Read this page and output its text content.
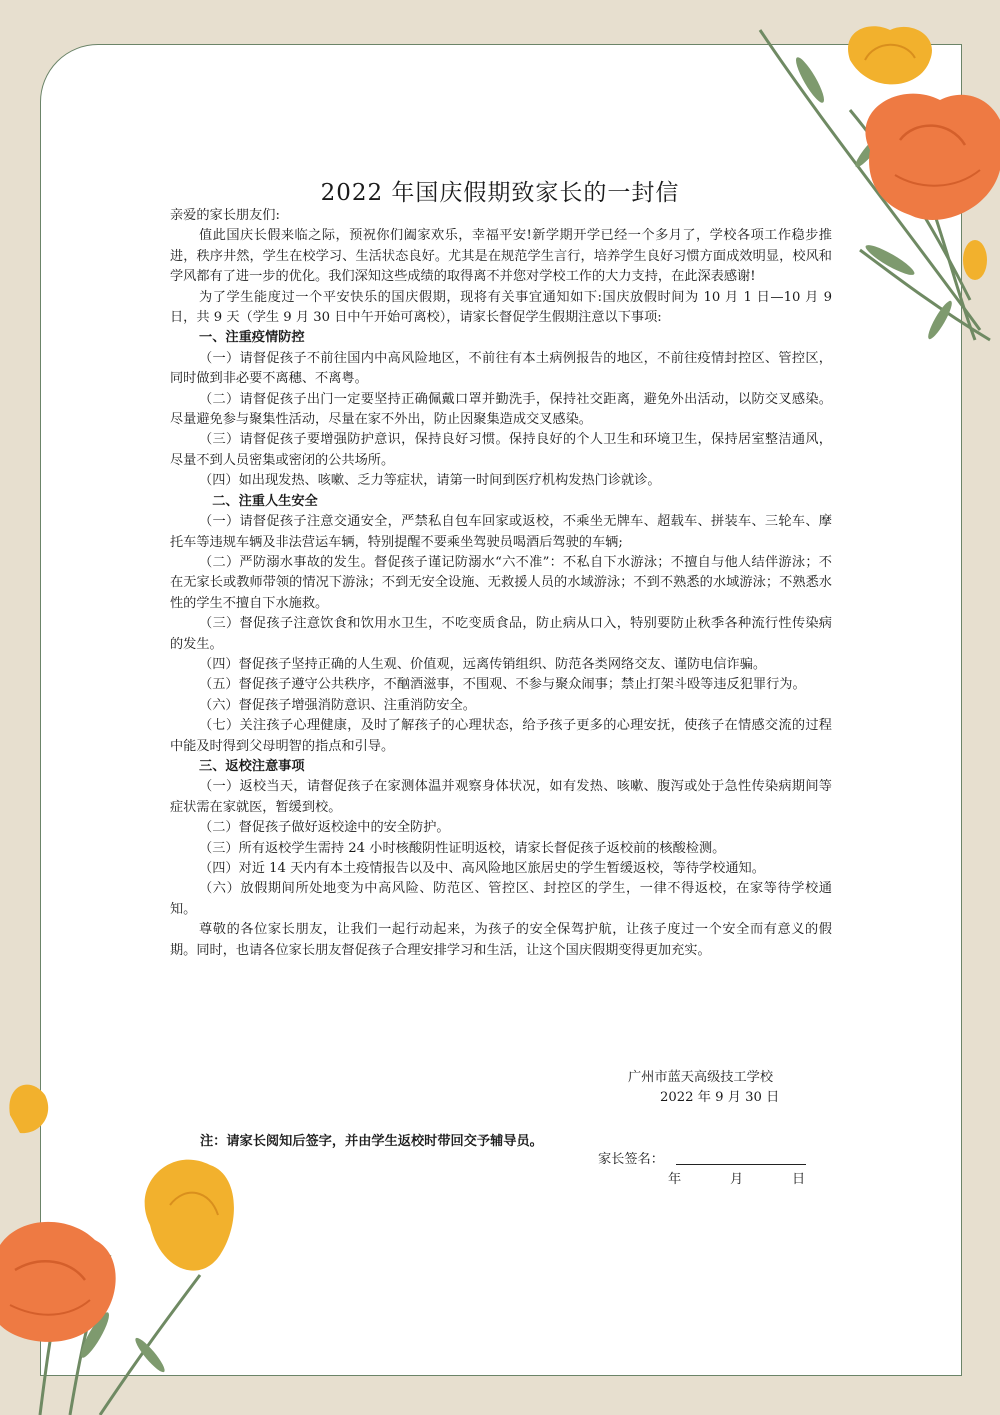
2022 年国庆假期致家长的一封信

亲爱的家长朋友们:

值此国庆长假来临之际，预祝你们阖家欢乐，幸福平安!新学期开学已经一个多月了，学校各项工作稳步推进，秩序井然，学生在校学习、生活状态良好。尤其是在规范学生言行，培养学生良好习惯方面成效明显，校风和学风都有了进一步的优化。我们深知这些成绩的取得离不并您对学校工作的大力支持，在此深表感谢!

为了学生能度过一个平安快乐的国庆假期，现将有关事宜通知如下:国庆放假时间为 10 月 1 日—10 月 9 日，共 9 天（学生 9 月 30 日中午开始可离校），请家长督促学生假期注意以下事项:

一、注重疫情防控

（一）请督促孩子不前往国内中高风险地区，不前往有本土病例报告的地区，不前往疫情封控区、管控区，同时做到非必要不离穗、不离粤。

（二）请督促孩子出门一定要坚持正确佩戴口罩并勤洗手，保持社交距离，避免外出活动，以防交叉感染。尽量避免参与聚集性活动，尽量在家不外出，防止因聚集造成交叉感染。

（三）请督促孩子要增强防护意识，保持良好习惯。保持良好的个人卫生和环境卫生，保持居室整洁通风，尽量不到人员密集或密闭的公共场所。

（四）如出现发热、咳嗽、乏力等症状，请第一时间到医疗机构发热门诊就诊。

二、注重人生安全

（一）请督促孩子注意交通安全，严禁私自包车回家或返校，不乘坐无牌车、超载车、拼装车、三轮车、摩托车等违规车辆及非法营运车辆，特别提醒不要乘坐驾驶员喝酒后驾驶的车辆;

（二）严防溺水事故的发生。督促孩子谨记防溺水“六不准”：不私自下水游泳；不擅自与他人结伴游泳；不在无家长或教师带领的情况下游泳；不到无安全设施、无救援人员的水域游泳；不到不熟悉的水域游泳；不熟悉水性的学生不擅自下水施救。

（三）督促孩子注意饮食和饮用水卫生，不吃变质食品，防止病从口入，特别要防止秋季各种流行性传染病的发生。

（四）督促孩子坚持正确的人生观、价值观，远离传销组织、防范各类网络交友、谨防电信诈骗。

（五）督促孩子遵守公共秩序，不酗酒滋事，不围观、不参与聚众闹事；禁止打架斗殴等违反犯罪行为。

（六）督促孩子增强消防意识、注重消防安全。

（七）关注孩子心理健康，及时了解孩子的心理状态，给予孩子更多的心理安抚，使孩子在情感交流的过程中能及时得到父母明智的指点和引导。

三、返校注意事项

（一）返校当天，请督促孩子在家测体温并观察身体状况，如有发热、咳嗽、腹泻或处于急性传染病期间等症状需在家就医，暂缓到校。

（二）督促孩子做好返校途中的安全防护。

（三）所有返校学生需持 24 小时核酸阴性证明返校，请家长督促孩子返校前的核酸检测。

（四）对近 14 天内有本土疫情报告以及中、高风险地区旅居史的学生暂缓返校，等待学校通知。

（六）放假期间所处地变为中高风险、防范区、管控区、封控区的学生，一律不得返校，在家等待学校通知。

尊敬的各位家长朋友，让我们一起行动起来，为孩子的安全保驾护航，让孩子度过一个安全而有意义的假期。同时，也请各位家长朋友督促孩子合理安排学习和生活，让这个国庆假期变得更加充实。

广州市蓝天高级技工学校
2022 年 9 月 30 日
注：请家长阅知后签字，并由学生返校时带回交予辅导员。
家长签名：
年	月	日
